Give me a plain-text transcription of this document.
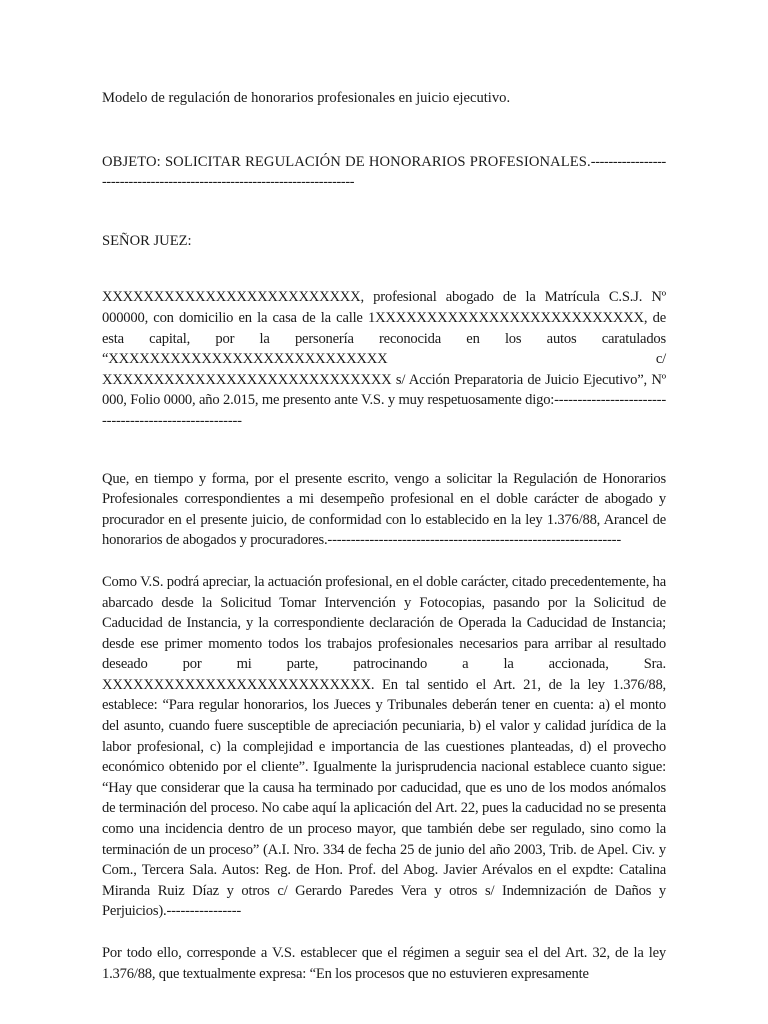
Modelo de regulación de honorarios profesionales en juicio ejecutivo.

OBJETO: SOLICITAR REGULACIÓN DE HONORARIOS PROFESIONALES.--------------------------------------------------------------------------

SEÑOR JUEZ:

XXXXXXXXXXXXXXXXXXXXXXXXX, profesional abogado de la Matrícula C.S.J. Nº 000000, con domicilio en la casa de la calle 1XXXXXXXXXXXXXXXXXXXXXXXXXX, de esta capital, por la personería reconocida en los autos caratulados “XXXXXXXXXXXXXXXXXXXXXXXXXXX c/ XXXXXXXXXXXXXXXXXXXXXXXXXXXX s/ Acción Preparatoria de Juicio Ejecutivo”, Nº 000, Folio 0000, año 2.015, me presento ante V.S. y muy respetuosamente digo:------------------------------------------------------

Que, en tiempo y forma, por el presente escrito, vengo a solicitar la Regulación de Honorarios Profesionales correspondientes a mi desempeño profesional en el doble carácter de abogado y procurador en el presente juicio, de conformidad con lo establecido en la ley 1.376/88, Arancel de honorarios de abogados y procuradores.---------------------------------------------------------------

Como V.S. podrá apreciar, la actuación profesional, en el doble carácter, citado precedentemente, ha abarcado desde la Solicitud Tomar Intervención y Fotocopias, pasando por la Solicitud de Caducidad de Instancia, y la correspondiente declaración de Operada la Caducidad de Instancia; desde ese primer momento todos los trabajos profesionales necesarios para arribar al resultado deseado por mi parte, patrocinando a la accionada, Sra. XXXXXXXXXXXXXXXXXXXXXXXXXX. En tal sentido el Art. 21, de la ley 1.376/88, establece: “Para regular honorarios, los Jueces y Tribunales deberán tener en cuenta: a) el monto del asunto, cuando fuere susceptible de apreciación pecuniaria, b) el valor y calidad jurídica de la labor profesional, c) la complejidad e importancia de las cuestiones planteadas, d) el provecho económico obtenido por el cliente”. Igualmente la jurisprudencia nacional establece cuanto sigue: “Hay que considerar que la causa ha terminado por caducidad, que es uno de los modos anómalos de terminación del proceso. No cabe aquí la aplicación del Art. 22, pues la caducidad no se presenta como una incidencia dentro de un proceso mayor, que también debe ser regulado, sino como la terminación de un proceso” (A.I. Nro. 334 de fecha 25 de junio del año 2003, Trib. de Apel. Civ. y Com., Tercera Sala. Autos: Reg. de Hon. Prof. del Abog. Javier Arévalos en el expdte: Catalina Miranda Ruiz Díaz y otros c/ Gerardo Paredes Vera y otros s/ Indemnización de Daños y Perjuicios).----------------

Por todo ello, corresponde a V.S. establecer que el régimen a seguir sea el del Art. 32, de la ley 1.376/88, que textualmente expresa: “En los procesos que no estuvieren expresamente
